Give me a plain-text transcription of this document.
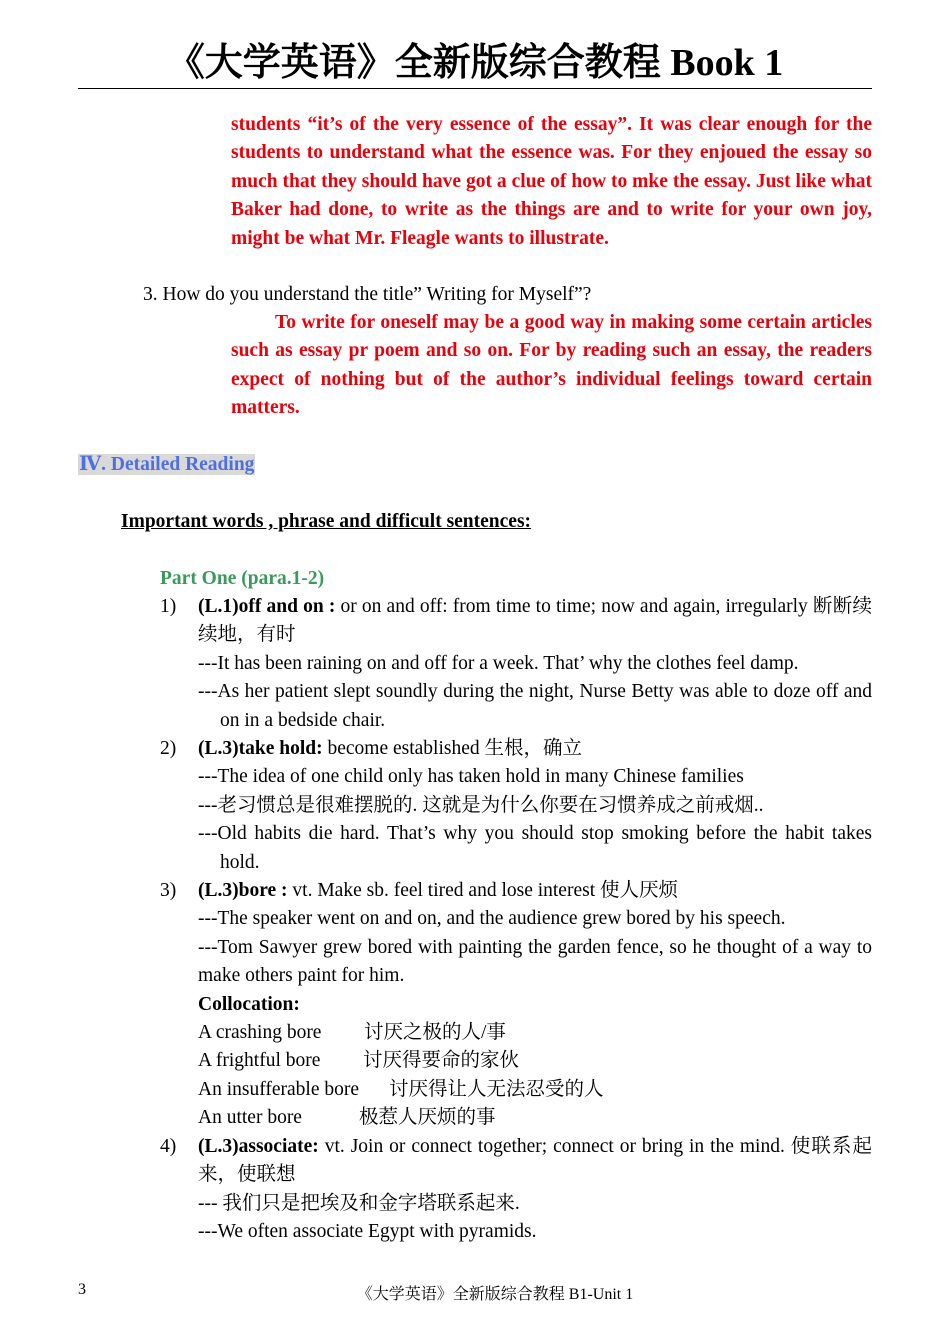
《大学英语》全新版综合教程 Book 1
students “it’s of the very essence of the essay”. It was clear enough for the students to understand what the essence was. For they enjoued the essay so much that they should have got a clue of how to mke the essay. Just like what Baker had done, to write as the things are and to write for your own joy, might be what Mr. Fleagle wants to illustrate.
3. How do you understand the title” Writing for Myself”?
To write for oneself may be a good way in making some certain articles such as essay pr poem and so on. For by reading such an essay, the readers expect of nothing but of the author’s individual feelings toward certain matters.
Ⅳ. Detailed Reading
Important words , phrase and difficult sentences:
Part One (para.1-2)
1) (L.1)off and on : or on and off: from time to time; now and again, irregularly 断断续续地，有时
---It has been raining on and off for a week. That’ why the clothes feel damp.
---As her patient slept soundly during the night, Nurse Betty was able to doze off and on in a bedside chair.
2) (L.3)take hold: become established 生根，确立
---The idea of one child only has taken hold in many Chinese families
---老习惯总是很难摆脱的. 这就是为什么你要在习惯养成之前戒烟..
---Old habits die hard. That’s why you should stop smoking before the habit takes hold.
3) (L.3)bore : vt. Make sb. feel tired and lose interest 使人厌烦
---The speaker went on and on, and the audience grew bored by his speech.
---Tom Sawyer grew bored with painting the garden fence, so he thought of a way to make others paint for him.
Collocation:
A crashing bore 讨厌之极的人/事
A frightful bore 讨厌得要命的家伙
An insufferable bore 讨厌得让人无法忍受的人
An utter bore	极惹人厌烦的事
4) (L.3)associate: vt. Join or connect together; connect or bring in the mind. 使联系起来，使联想
--- 我们只是把埃及和金字塔联系起来.
---We often associate Egypt with pyramids.
3	《大学英语》全新版综合教程 B1-Unit 1
